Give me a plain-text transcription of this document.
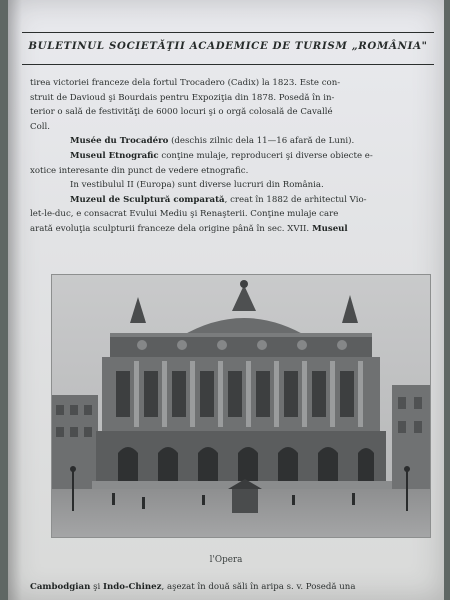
BULETINUL SOCIETĂŢII ACADEMICE DE TURISM „ROMÂNIA"
tirea victoriei franceze dela fortul Trocadero (Cadix) la 1823. Este con-
struit de Davioud şi Bourdais pentru Expoziţia din 1878. Posedă în in-
terior o sală de festivităţi de 6000 locuri şi o orgă colosală de Cavallé
Coll.
Musée du Trocadéro (deschis zilnic dela 11—16 afară de Luni).
Museul Etnografic conţine mulaje, reproduceri şi diverse obiecte e-
xotice interesante din punct de vedere etnografic.
In vestibulul II (Europa) sunt diverse lucruri din România.
Muzeul de Sculptură comparată, creat în 1882 de arhitectul Vio-
let-le-duc, e consacrat Evului Mediu şi Renaşterii. Conţine mulaje care
arată evoluţia sculpturii franceze dela origine până în sec. XVII. Museul
l'Opera
Cambodgian şi Indo-Chinez, aşezat în două săli în aripa s. v. Posedă una
